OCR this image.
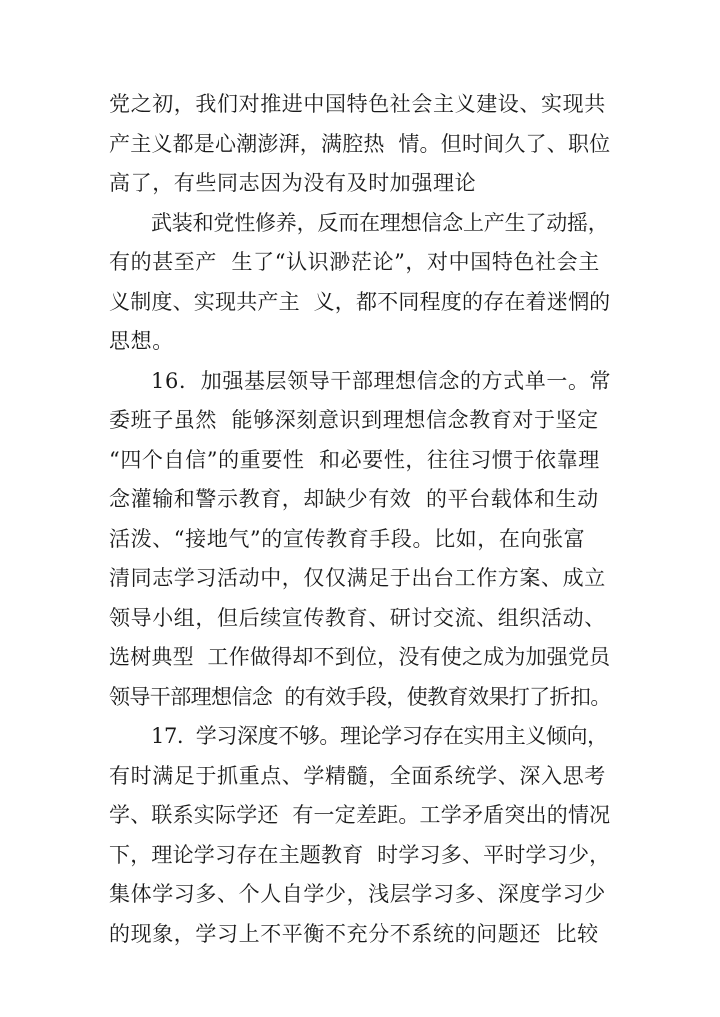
党之初，我们对推进中国特色社会主义建设、实现共
产主义都是心潮澎湃，满腔热  情。但时间久了、职位
高了，有些同志因为没有及时加强理论
武装和党性修养，反而在理想信念上产生了动摇，
有的甚至产  生了“认识渺茫论”，对中国特色社会主
义制度、实现共产主  义，都不同程度的存在着迷惘的
思想。
16.  加强基层领导干部理想信念的方式单一。常
委班子虽然  能够深刻意识到理想信念教育对于坚定
“四个自信”的重要性  和必要性，往往习惯于依靠理
念灌输和警示教育，却缺少有效  的平台载体和生动
活泼、“接地气”的宣传教育手段。比如，在向张富
清同志学习活动中，仅仅满足于出台工作方案、成立
领导小组，但后续宣传教育、研讨交流、组织活动、
选树典型  工作做得却不到位，没有使之成为加强党员
领导干部理想信念  的有效手段，使教育效果打了折扣。
17.  学习深度不够。理论学习存在实用主义倾向，
有时满足于抓重点、学精髓，全面系统学、深入思考
学、联系实际学还  有一定差距。工学矛盾突出的情况
下，理论学习存在主题教育  时学习多、平时学习少，
集体学习多、个人自学少，浅层学习多、深度学习少
的现象，学习上不平衡不充分不系统的问题还  比较
